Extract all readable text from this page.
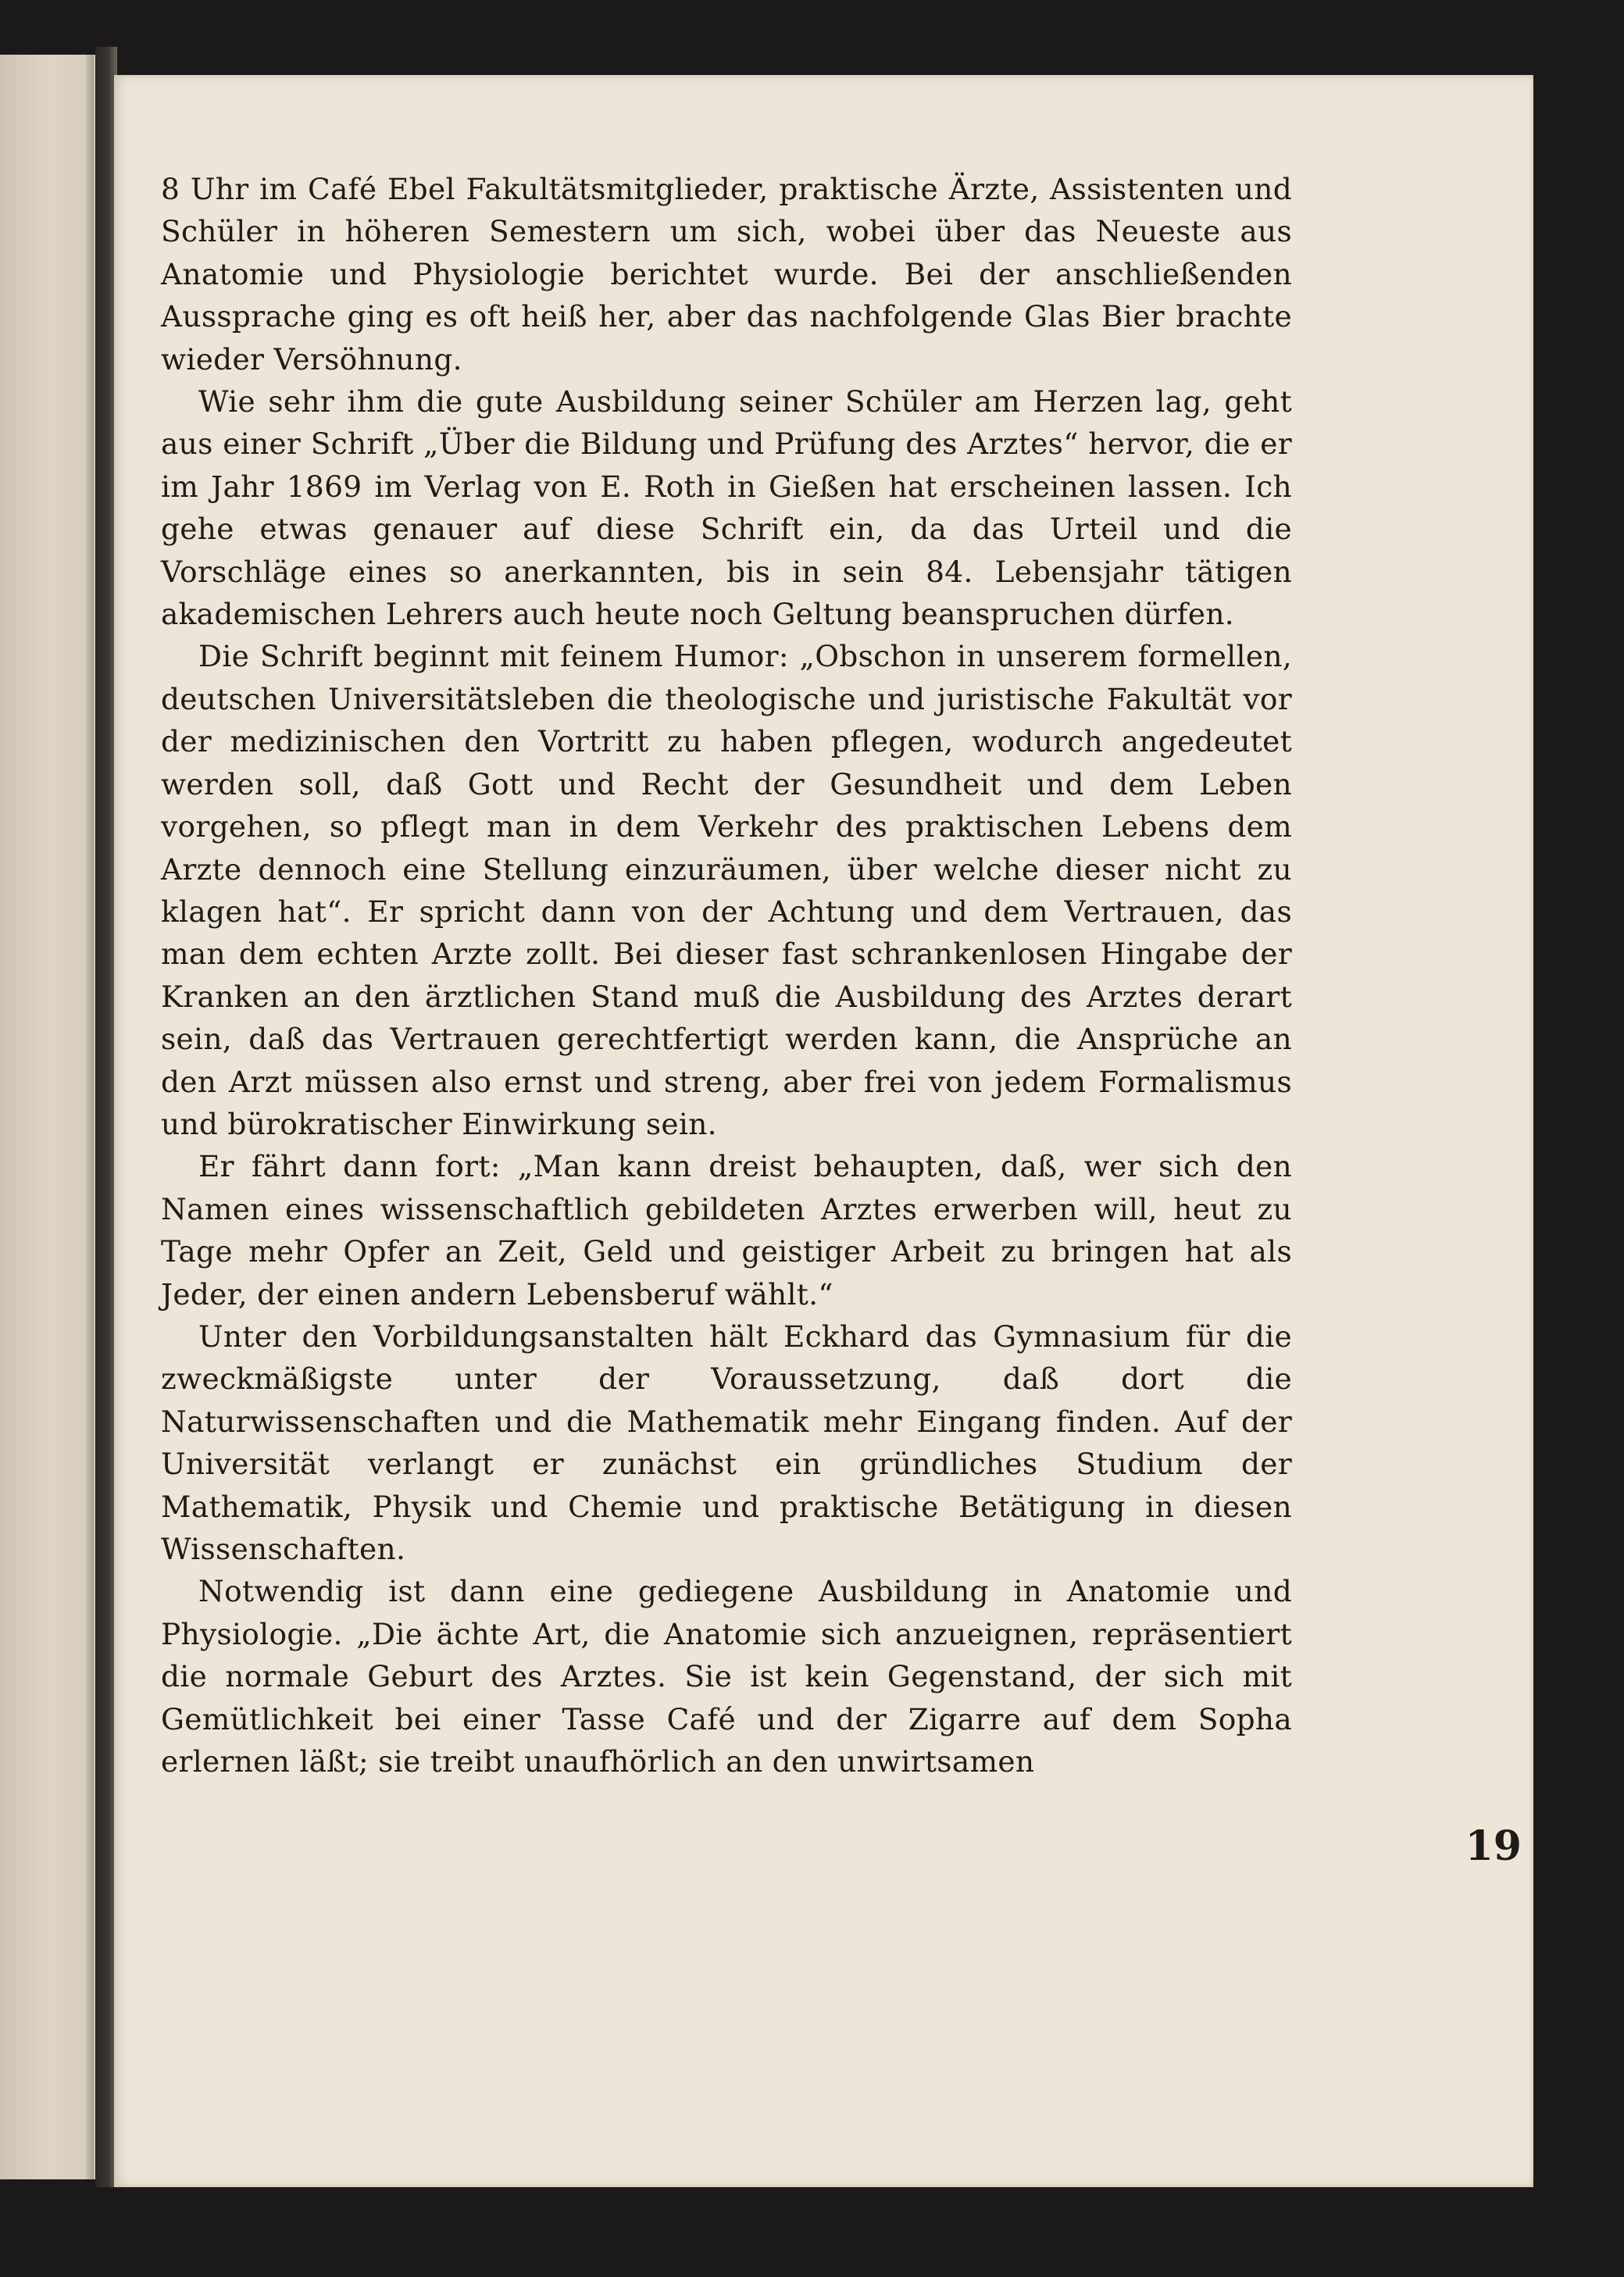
8 Uhr im Café Ebel Fakultätsmitglieder, praktische Ärzte, Assistenten und Schüler in höheren Semestern um sich, wobei über das Neueste aus Anatomie und Physiologie berichtet wurde. Bei der anschließenden Aussprache ging es oft heiß her, aber das nachfolgende Glas Bier brachte wieder Versöhnung.

Wie sehr ihm die gute Ausbildung seiner Schüler am Herzen lag, geht aus einer Schrift „Über die Bildung und Prüfung des Arztes“ hervor, die er im Jahr 1869 im Verlag von E. Roth in Gießen hat erscheinen lassen. Ich gehe etwas genauer auf diese Schrift ein, da das Urteil und die Vorschläge eines so anerkannten, bis in sein 84. Lebensjahr tätigen akademischen Lehrers auch heute noch Geltung beanspruchen dürfen.

Die Schrift beginnt mit feinem Humor: „Obschon in unserem formellen, deutschen Universitätsleben die theologische und juristische Fakultät vor der medizinischen den Vortritt zu haben pflegen, wodurch angedeutet werden soll, daß Gott und Recht der Gesundheit und dem Leben vorgehen, so pflegt man in dem Verkehr des praktischen Lebens dem Arzte dennoch eine Stellung einzuräumen, über welche dieser nicht zu klagen hat“. Er spricht dann von der Achtung und dem Vertrauen, das man dem echten Arzte zollt. Bei dieser fast schrankenlosen Hingabe der Kranken an den ärztlichen Stand muß die Ausbildung des Arztes derart sein, daß das Vertrauen gerechtfertigt werden kann, die Ansprüche an den Arzt müssen also ernst und streng, aber frei von jedem Formalismus und bürokratischer Einwirkung sein.

Er fährt dann fort: „Man kann dreist behaupten, daß, wer sich den Namen eines wissenschaftlich gebildeten Arztes erwerben will, heut zu Tage mehr Opfer an Zeit, Geld und geistiger Arbeit zu bringen hat als Jeder, der einen andern Lebensberuf wählt.“

Unter den Vorbildungsanstalten hält Eckhard das Gymnasium für die zweckmäßigste unter der Voraussetzung, daß dort die Naturwissenschaften und die Mathematik mehr Eingang finden. Auf der Universität verlangt er zunächst ein gründliches Studium der Mathematik, Physik und Chemie und praktische Betätigung in diesen Wissenschaften.

Notwendig ist dann eine gediegene Ausbildung in Anatomie und Physiologie. „Die ächte Art, die Anatomie sich anzueignen, repräsentiert die normale Geburt des Arztes. Sie ist kein Gegenstand, der sich mit Gemütlichkeit bei einer Tasse Café und der Zigarre auf dem Sopha erlernen läßt; sie treibt unaufhörlich an den unwirtsamen

19
